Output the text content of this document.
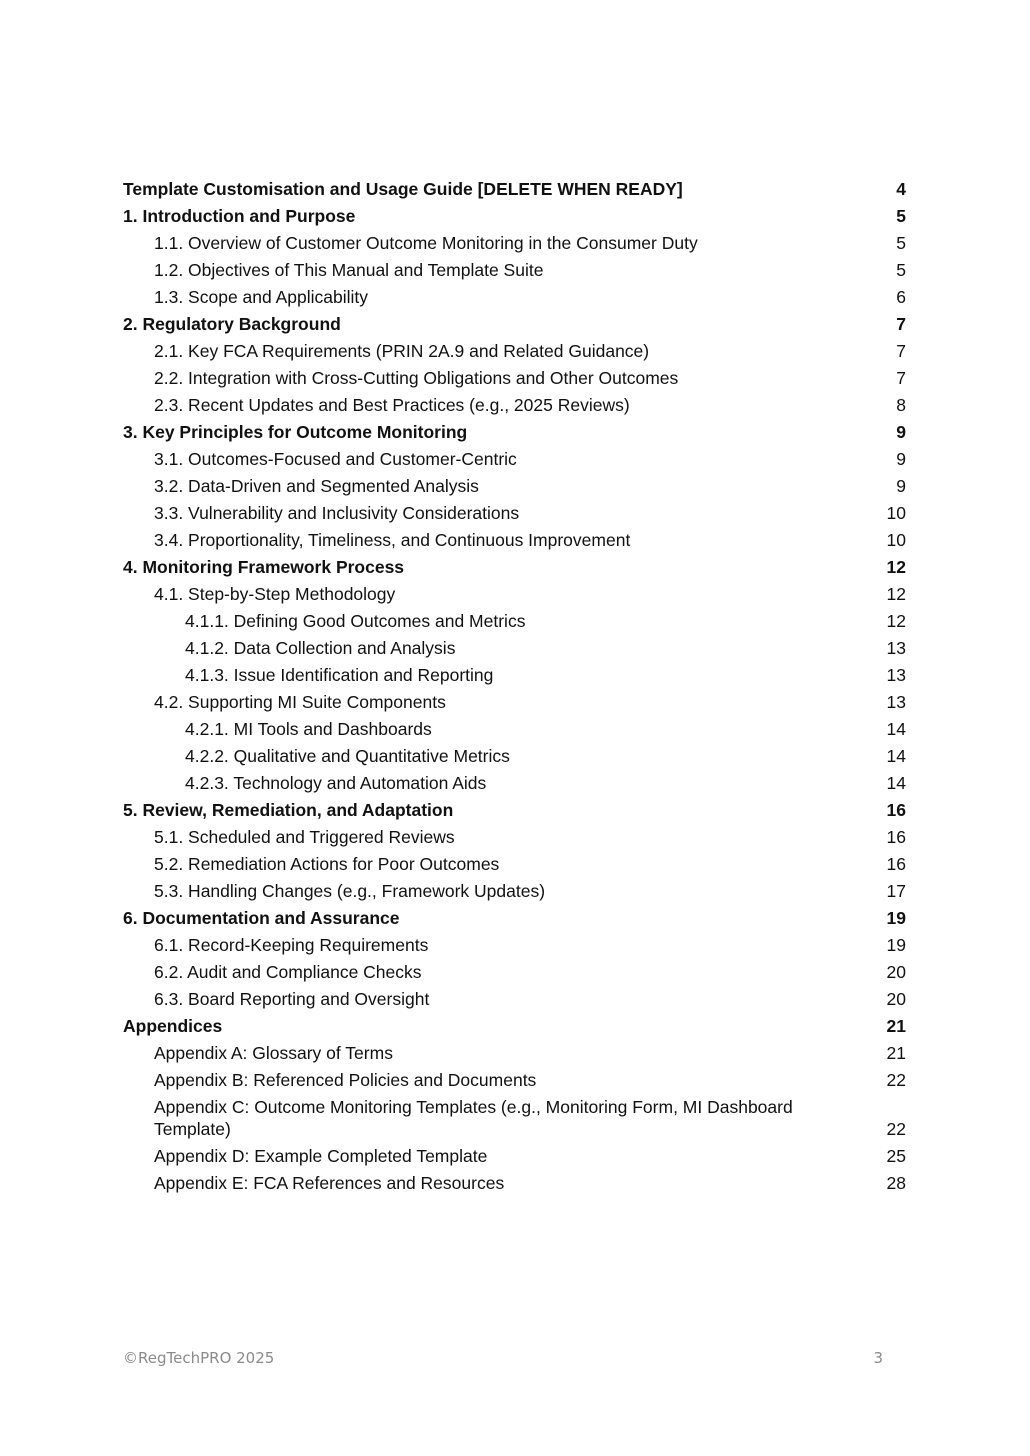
Template Customisation and Usage Guide [DELETE WHEN READY]	4
1. Introduction and Purpose	5
1.1. Overview of Customer Outcome Monitoring in the Consumer Duty	5
1.2. Objectives of This Manual and Template Suite	5
1.3. Scope and Applicability	6
2. Regulatory Background	7
2.1. Key FCA Requirements (PRIN 2A.9 and Related Guidance)	7
2.2. Integration with Cross-Cutting Obligations and Other Outcomes	7
2.3. Recent Updates and Best Practices (e.g., 2025 Reviews)	8
3. Key Principles for Outcome Monitoring	9
3.1. Outcomes-Focused and Customer-Centric	9
3.2. Data-Driven and Segmented Analysis	9
3.3. Vulnerability and Inclusivity Considerations	10
3.4. Proportionality, Timeliness, and Continuous Improvement	10
4. Monitoring Framework Process	12
4.1. Step-by-Step Methodology	12
4.1.1. Defining Good Outcomes and Metrics	12
4.1.2. Data Collection and Analysis	13
4.1.3. Issue Identification and Reporting	13
4.2. Supporting MI Suite Components	13
4.2.1. MI Tools and Dashboards	14
4.2.2. Qualitative and Quantitative Metrics	14
4.2.3. Technology and Automation Aids	14
5. Review, Remediation, and Adaptation	16
5.1. Scheduled and Triggered Reviews	16
5.2. Remediation Actions for Poor Outcomes	16
5.3. Handling Changes (e.g., Framework Updates)	17
6. Documentation and Assurance	19
6.1. Record-Keeping Requirements	19
6.2. Audit and Compliance Checks	20
6.3. Board Reporting and Oversight	20
Appendices	21
Appendix A: Glossary of Terms	21
Appendix B: Referenced Policies and Documents	22
Appendix C: Outcome Monitoring Templates (e.g., Monitoring Form, MI Dashboard Template)	22
Appendix D: Example Completed Template	25
Appendix E: FCA References and Resources	28
©RegTechPRO 2025	3
